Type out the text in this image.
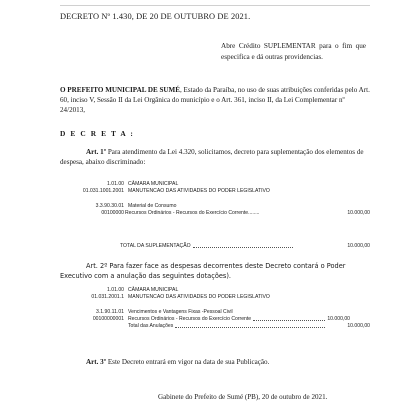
DECRETO Nº 1.430, DE 20 DE OUTUBRO DE 2021.
Abre Crédito SUPLEMENTAR para o fim que especifica e dá outras providencias.
O PREFEITO MUNICIPAL DE SUMÉ, Estado da Paraíba, no uso de suas atribuições conferidas pelo Art. 60, inciso V, Sessão II da Lei Orgânica do município e o Art. 361, inciso II, da Lei Complementar nº 24/2013,
D E C R E T A :
Art. 1º Para atendimento da Lei 4.320, solicitamos, decreto para suplementação dos elementos de despesa, abaixo discriminado:
1.01.00 CÂMARA MUNICIPAL
01.031.1001.2001 MANUTENCAO DAS ATIVIDADES DO PODER LEGISLATIVO
3.3.90.30.01 Material de Consumo
00100000 Recursos Ordinários - Recursos do Exercício Corrente........	10.000,00
TOTAL DA SUPLEMENTAÇÃO	10.000,00
Art. 2º Para fazer face as despesas decorrentes deste Decreto contará o Poder Executivo com a anulação das seguintes dotações).
1.01.00 CÂMARA MUNICIPAL
01.031.2001.1 MANUTENCAO DAS ATIVIDADES DO PODER LEGISLATIVO
3.1.90.11.01 Vencimentos e Vantagens Fixas -Pessoal Civil
00100000001 Recursos Ordinários - Recursos do Exercício Corrente	10.000,00
Total das Anulações	10.000,00
Art. 3º Este Decreto entrará em vigor na data de sua Publicação.
Gabinete do Prefeito de Sumé (PB), 20 de outubro de 2021.
